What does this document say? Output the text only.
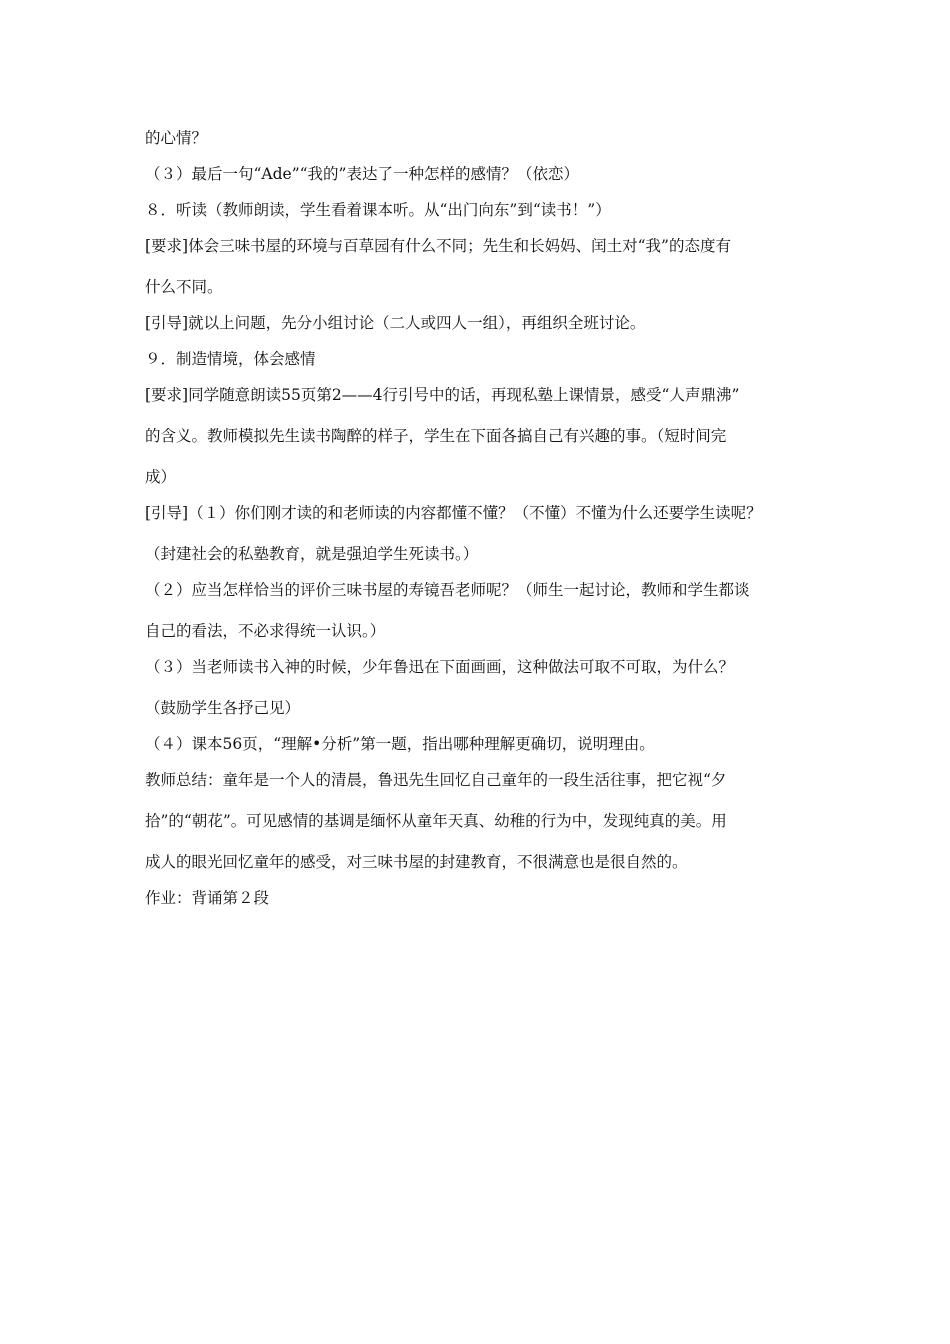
的心情？
（３）最后一句“Ade”“我的”表达了一种怎样的感情？（依恋）
８．听读（教师朗读，学生看着课本听。从“出门向东”到“读书！”）
[要求]体会三味书屋的环境与百草园有什么不同；先生和长妈妈、闰土对“我”的态度有
什么不同。
[引导]就以上问题，先分小组讨论（二人或四人一组），再组织全班讨论。
９．制造情境，体会感情
[要求]同学随意朗读55页第2——4行引号中的话，再现私塾上课情景，感受“人声鼎沸”
的含义。教师模拟先生读书陶醉的样子，学生在下面各搞自己有兴趣的事。（短时间完
成）
[引导]（１）你们刚才读的和老师读的内容都懂不懂？（不懂）不懂为什么还要学生读呢？
（封建社会的私塾教育，就是强迫学生死读书。）
（２）应当怎样恰当的评价三味书屋的寿镜吾老师呢？（师生一起讨论，教师和学生都谈
自己的看法，不必求得统一认识。）
（３）当老师读书入神的时候，少年鲁迅在下面画画，这种做法可取不可取，为什么？
（鼓励学生各抒己见）
（４）课本56页，“理解•分析”第一题，指出哪种理解更确切，说明理由。
教师总结：童年是一个人的清晨，鲁迅先生回忆自己童年的一段生活往事，把它视“夕
拾”的“朝花”。可见感情的基调是缅怀从童年天真、幼稚的行为中，发现纯真的美。用
成人的眼光回忆童年的感受，对三味书屋的封建教育，不很满意也是很自然的。
作业：背诵第２段
